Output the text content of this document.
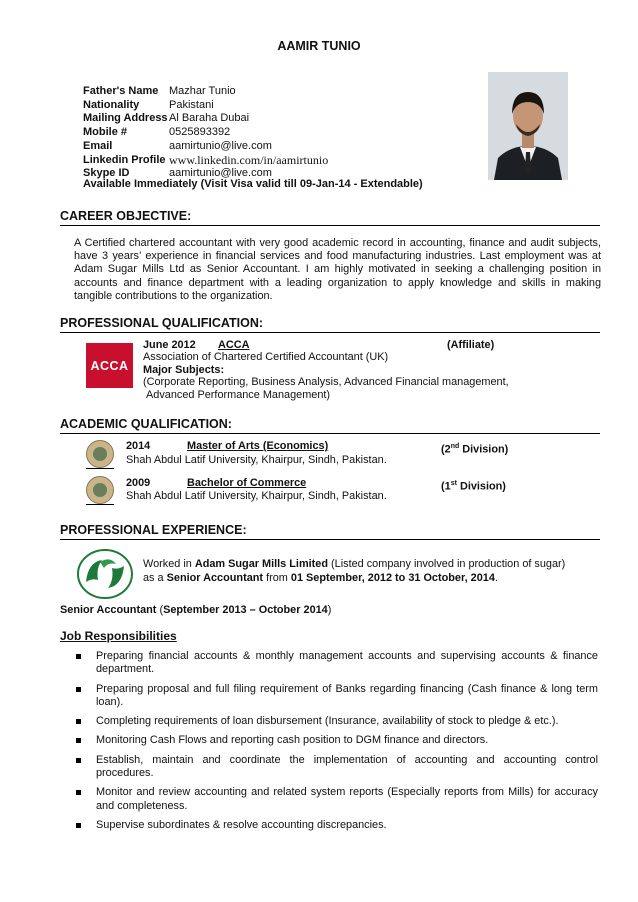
AAMIR TUNIO
Father's Name Mazhar Tunio
Nationality	Pakistani
Mailing Address Al Baraha Dubai
Mobile #	0525893392
Email	aamirtunio@live.com
Linkedin Profile www.linkedin.com/in/aamirtunio
Skype ID	aamirtunio@live.com
Available Immediately (Visit Visa valid till 09-Jan-14 - Extendable)
CAREER OBJECTIVE:
A Certified chartered accountant with very good academic record in accounting, finance and audit subjects, have 3 years’ experience in financial services and food manufacturing industries. Last employment was at Adam Sugar Mills Ltd as Senior Accountant. I am highly motivated in seeking a challenging position in accounts and finance department with a leading organization to apply knowledge and skills in making tangible contributions to the organization.
PROFESSIONAL QUALIFICATION:
ACCA
June 2012 ACCA	(Affiliate)
Association of Chartered Certified Accountant (UK)
Major Subjects:
(Corporate Reporting, Business Analysis, Advanced Financial management,
Advanced Performance Management)
ACADEMIC QUALIFICATION:
2014	Master of Arts (Economics)	(2nd Division)
Shah Abdul Latif University, Khairpur, Sindh, Pakistan.
2009	Bachelor of Commerce	(1st Division)
Shah Abdul Latif University, Khairpur, Sindh, Pakistan.
PROFESSIONAL EXPERIENCE:
Worked in Adam Sugar Mills Limited (Listed company involved in production of sugar)
as a Senior Accountant from 01 September, 2012 to 31 October, 2014.
Senior Accountant (September 2013 – October 2014)
Job Responsibilities
Preparing financial accounts & monthly management accounts and supervising accounts & finance department.
Preparing proposal and full filing requirement of Banks regarding financing (Cash finance & long term loan).
Completing requirements of loan disbursement (Insurance, availability of stock to pledge & etc.).
Monitoring Cash Flows and reporting cash position to DGM finance and directors.
Establish, maintain and coordinate the implementation of accounting and accounting control procedures.
Monitor and review accounting and related system reports (Especially reports from Mills) for accuracy and completeness.
Supervise subordinates & resolve accounting discrepancies.
